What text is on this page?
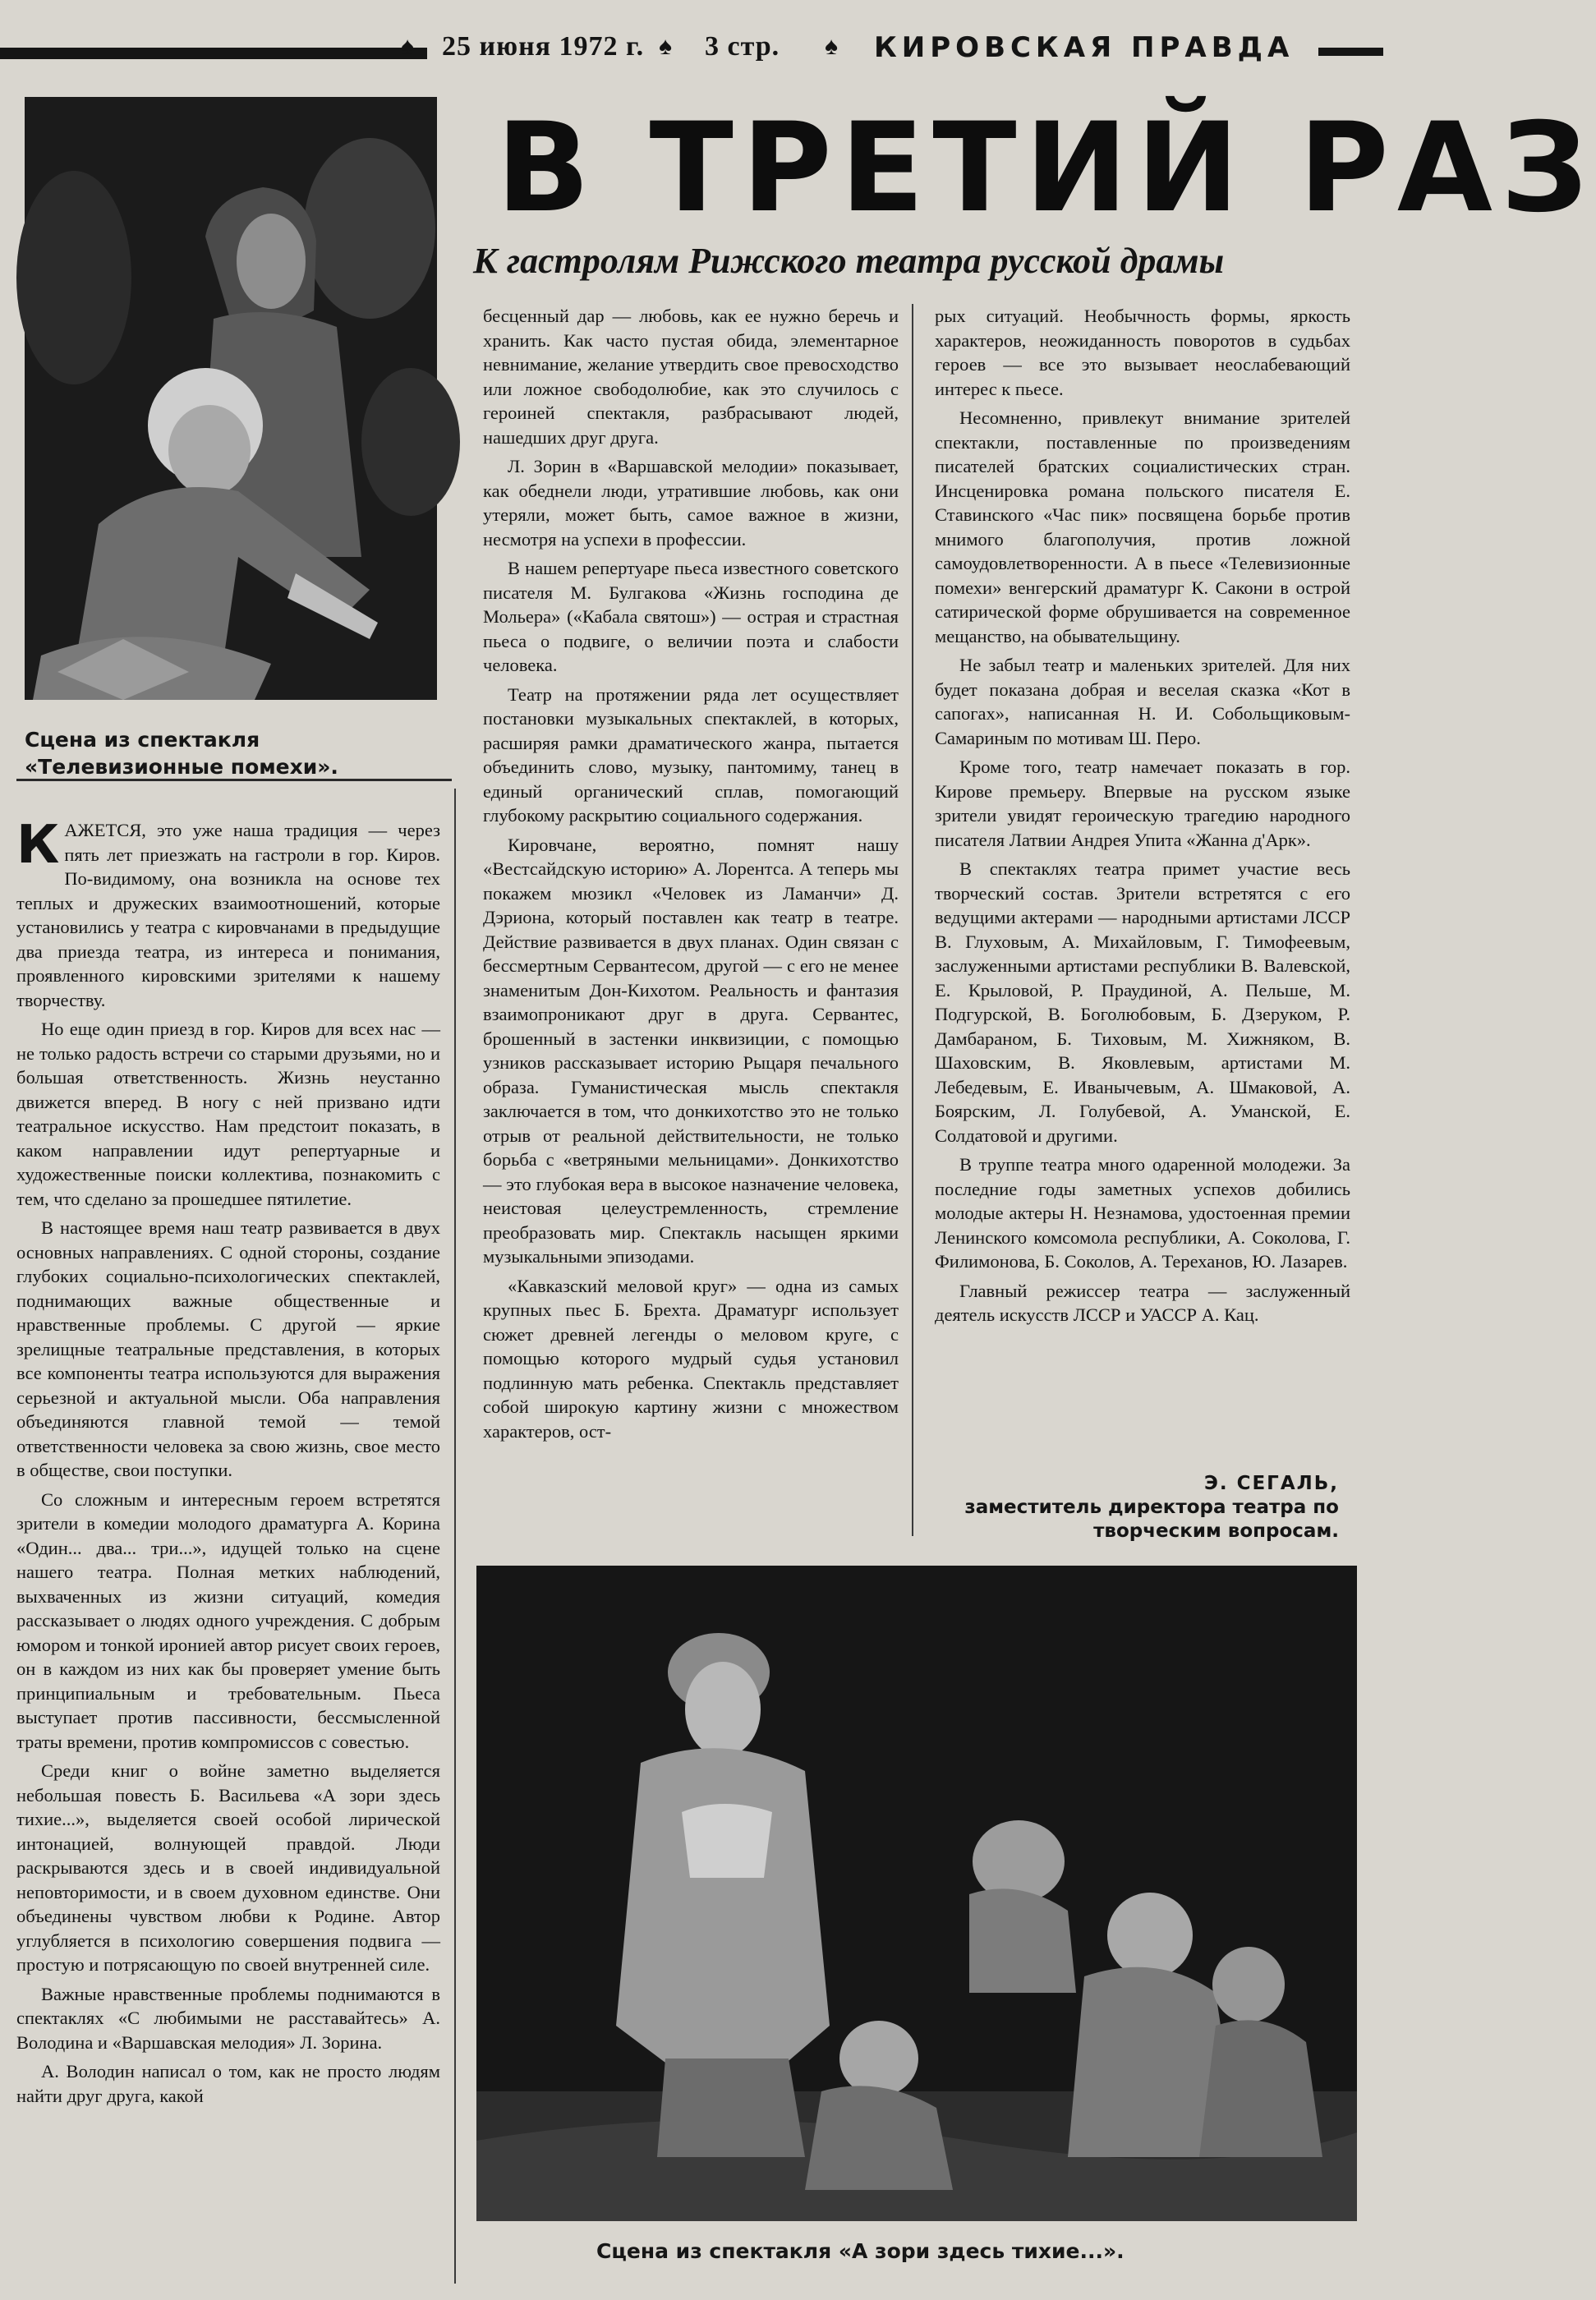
♠ 25 июня 1972 г. ♠ 3 стр. ♠ КИРОВСКАЯ ПРАВДА
Сцена из спектакля «Телевизионные помехи».
В ТРЕТИЙ РАЗ
К гастролям Рижского театра русской драмы

КАЖЕТСЯ, это уже наша традиция — через пять лет приезжать на гастроли в гор. Киров. По-видимому, она возникла на основе тех теплых и дружеских взаимоотношений, которые установились у театра с кировчанами в предыдущие два приезда театра, из интереса и понимания, проявленного кировскими зрителями к нашему творчеству.

Но еще один приезд в гор. Киров для всех нас — не только радость встречи со старыми друзьями, но и большая ответственность. Жизнь неустанно движется вперед. В ногу с ней призвано идти театральное искусство. Нам предстоит показать, в каком направлении идут репертуарные и художественные поиски коллектива, познакомить с тем, что сделано за прошедшее пятилетие.

В настоящее время наш театр развивается в двух основных направлениях. С одной стороны, создание глубоких социально-психологических спектаклей, поднимающих важные общественные и нравственные проблемы. С другой — яркие зрелищные театральные представления, в которых все компоненты театра используются для выражения серьезной и актуальной мысли. Оба направления объединяются главной темой — темой ответственности человека за свою жизнь, свое место в обществе, свои поступки.

Со сложным и интересным героем встретятся зрители в комедии молодого драматурга А. Корина «Один... два... три...», идущей только на сцене нашего театра. Полная метких наблюдений, выхваченных из жизни ситуаций, комедия рассказывает о людях одного учреждения. С добрым юмором и тонкой иронией автор рисует своих героев, он в каждом из них как бы проверяет умение быть принципиальным и требовательным. Пьеса выступает против пассивности, бессмысленной траты времени, против компромиссов с совестью.

Среди книг о войне заметно выделяется небольшая повесть Б. Васильева «А зори здесь тихие...», выделяется своей особой лирической интонацией, волнующей правдой. Люди раскрываются здесь и в своей индивидуальной неповторимости, и в своем духовном единстве. Они объединены чувством любви к Родине. Автор углубляется в психологию совершения подвига — простую и потрясающую по своей внутренней силе.

Важные нравственные проблемы поднимаются в спектаклях «С любимыми не расставайтесь» А. Володина и «Варшавская мелодия» Л. Зорина.

А. Володин написал о том, как не просто людям найти друг друга, какой

бесценный дар — любовь, как ее нужно беречь и хранить. Как часто пустая обида, элементарное невнимание, желание утвердить свое превосходство или ложное свободолюбие, как это случилось с героиней спектакля, разбрасывают людей, нашедших друг друга.

Л. Зорин в «Варшавской мелодии» показывает, как обеднели люди, утратившие любовь, как они утеряли, может быть, самое важное в жизни, несмотря на успехи в профессии.

В нашем репертуаре пьеса известного советского писателя М. Булгакова «Жизнь господина де Мольера» («Кабала святош») — острая и страстная пьеса о подвиге, о величии поэта и слабости человека.

Театр на протяжении ряда лет осуществляет постановки музыкальных спектаклей, в которых, расширяя рамки драматического жанра, пытается объединить слово, музыку, пантомиму, танец в единый органический сплав, помогающий глубокому раскрытию социального содержания.

Кировчане, вероятно, помнят нашу «Вестсайдскую историю» А. Лорентса. А теперь мы покажем мюзикл «Человек из Ламанчи» Д. Дэриона, который поставлен как театр в театре. Действие развивается в двух планах. Один связан с бессмертным Сервантесом, другой — с его не менее знаменитым Дон-Кихотом. Реальность и фантазия взаимопроникают друг в друга. Сервантес, брошенный в застенки инквизиции, с помощью узников рассказывает историю Рыцаря печального образа. Гуманистическая мысль спектакля заключается в том, что донкихотство это не только отрыв от реальной действительности, не только борьба с «ветряными мельницами». Донкихотство — это глубокая вера в высокое назначение человека, неистовая целеустремленность, стремление преобразовать мир. Спектакль насыщен яркими музыкальными эпизодами.

«Кавказский меловой круг» — одна из самых крупных пьес Б. Брехта. Драматург использует сюжет древней легенды о меловом круге, с помощью которого мудрый судья установил подлинную мать ребенка. Спектакль представляет собой широкую картину жизни с множеством характеров, ост-

рых ситуаций. Необычность формы, яркость характеров, неожиданность поворотов в судьбах героев — все это вызывает неослабевающий интерес к пьесе.

Несомненно, привлекут внимание зрителей спектакли, поставленные по произведениям писателей братских социалистических стран. Инсценировка романа польского писателя Е. Ставинского «Час пик» посвящена борьбе против мнимого благополучия, против ложной самоудовлетворенности. А в пьесе «Телевизионные помехи» венгерский драматург К. Сакони в острой сатирической форме обрушивается на современное мещанство, на обывательщину.

Не забыл театр и маленьких зрителей. Для них будет показана добрая и веселая сказка «Кот в сапогах», написанная Н. И. Собольщиковым-Самариным по мотивам Ш. Перо.

Кроме того, театр намечает показать в гор. Кирове премьеру. Впервые на русском языке зрители увидят героическую трагедию народного писателя Латвии Андрея Упита «Жанна д'Арк».

В спектаклях театра примет участие весь творческий состав. Зрители встретятся с его ведущими актерами — народными артистами ЛССР В. Глуховым, А. Михайловым, Г. Тимофеевым, заслуженными артистами республики В. Валевской, Е. Крыловой, Р. Праудиной, А. Пельше, М. Подгурской, В. Боголюбовым, Б. Дзеруком, Р. Дамбараном, Б. Тиховым, М. Хижняком, В. Шаховским, В. Яковлевым, артистами М. Лебедевым, Е. Иванычевым, А. Шмаковой, А. Боярским, Л. Голубевой, А. Уманской, Е. Солдатовой и другими.

В труппе театра много одаренной молодежи. За последние годы заметных успехов добились молодые актеры Н. Незнамова, удостоенная премии Ленинского комсомола республики, А. Соколова, Г. Филимонова, Б. Соколов, А. Тереханов, Ю. Лазарев.

Главный режиссер театра — заслуженный деятель искусств ЛССР и УАССР А. Кац.

Э. СЕГАЛЬ,
заместитель директора театра по творческим вопросам.
Сцена из спектакля «А зори здесь тихие...».
